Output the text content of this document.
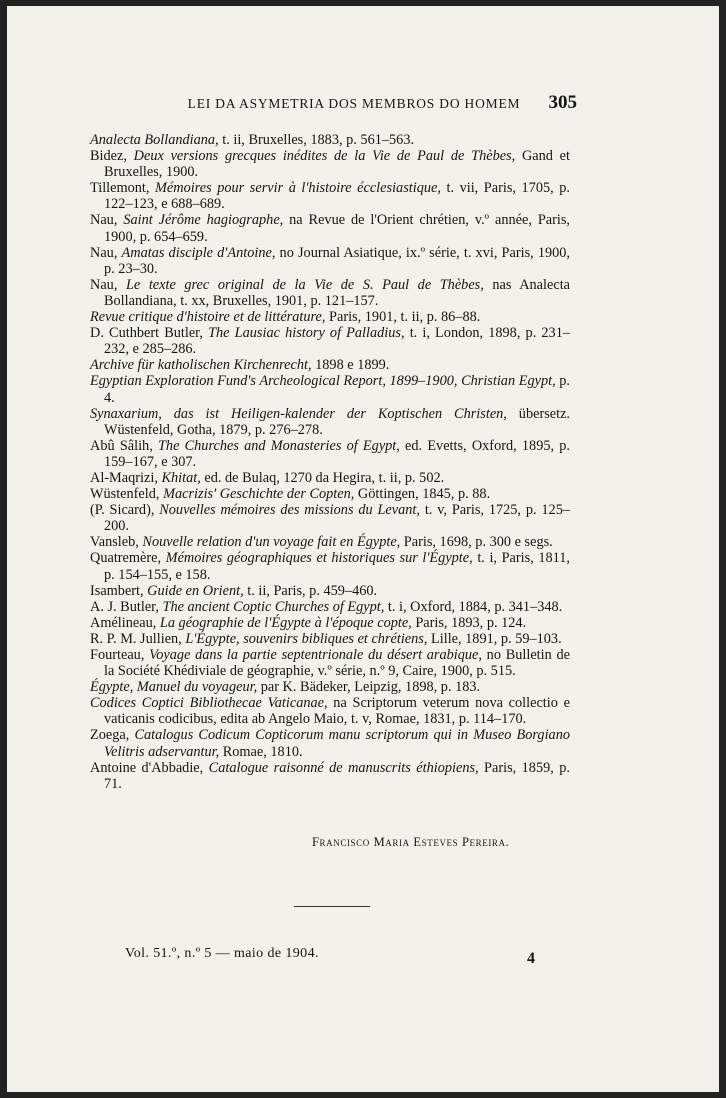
LEI DA ASYMETRIA DOS MEMBROS DO HOMEM	305
Analecta Bollandiana, t. ii, Bruxelles, 1883, p. 561–563.
Bidez, Deux versions grecques inédites de la Vie de Paul de Thèbes, Gand et Bruxelles, 1900.
Tillemont, Mémoires pour servir à l'histoire écclesiastique, t. vii, Paris, 1705, p. 122–123, e 688–689.
Nau, Saint Jérôme hagiographe, na Revue de l'Orient chrétien, v.º année, Paris, 1900, p. 654–659.
Nau, Amatas disciple d'Antoine, no Journal Asiatique, ix.º série, t. xvi, Paris, 1900, p. 23–30.
Nau, Le texte grec original de la Vie de S. Paul de Thèbes, nas Analecta Bollandiana, t. xx, Bruxelles, 1901, p. 121–157.
Revue critique d'histoire et de littérature, Paris, 1901, t. ii, p. 86–88.
D. Cuthbert Butler, The Lausiac history of Palladius, t. i, London, 1898, p. 231–232, e 285–286.
Archive für katholischen Kirchenrecht, 1898 e 1899.
Egyptian Exploration Fund's Archeological Report, 1899–1900, Christian Egypt, p. 4.
Synaxarium, das ist Heiligen-kalender der Koptischen Christen, übersetz. Wüstenfeld, Gotha, 1879, p. 276–278.
Abû Sâlih, The Churches and Monasteries of Egypt, ed. Evetts, Oxford, 1895, p. 159–167, e 307.
Al-Maqrizi, Khitat, ed. de Bulaq, 1270 da Hegira, t. ii, p. 502.
Wüstenfeld, Macrizis' Geschichte der Copten, Göttingen, 1845, p. 88.
(P. Sicard), Nouvelles mémoires des missions du Levant, t. v, Paris, 1725, p. 125–200.
Vansleb, Nouvelle relation d'un voyage fait en Égypte, Paris, 1698, p. 300 e segs.
Quatremère, Mémoires géographiques et historiques sur l'Égypte, t. i, Paris, 1811, p. 154–155, e 158.
Isambert, Guide en Orient, t. ii, Paris, p. 459–460.
A. J. Butler, The ancient Coptic Churches of Egypt, t. i, Oxford, 1884, p. 341–348.
Amélineau, La géographie de l'Égypte à l'époque copte, Paris, 1893, p. 124.
R. P. M. Jullien, L'Égypte, souvenirs bibliques et chrétiens, Lille, 1891, p. 59–103.
Fourteau, Voyage dans la partie septentrionale du désert arabique, no Bulletin de la Société Khédiviale de géographie, v.º série, n.º 9, Caire, 1900, p. 515.
Égypte, Manuel du voyageur, par K. Bädeker, Leipzig, 1898, p. 183.
Codices Coptici Bibliothecae Vaticanae, na Scriptorum veterum nova collectio e vaticanis codicibus, edita ab Angelo Maio, t. v, Romae, 1831, p. 114–170.
Zoega, Catalogus Codicum Copticorum manu scriptorum qui in Museo Borgiano Velitris adservantur, Romae, 1810.
Antoine d'Abbadie, Catalogue raisonné de manuscrits éthiopiens, Paris, 1859, p. 71.
Francisco Maria Esteves Pereira.
Vol. 51.º, n.º 5 — maio de 1904.	4
